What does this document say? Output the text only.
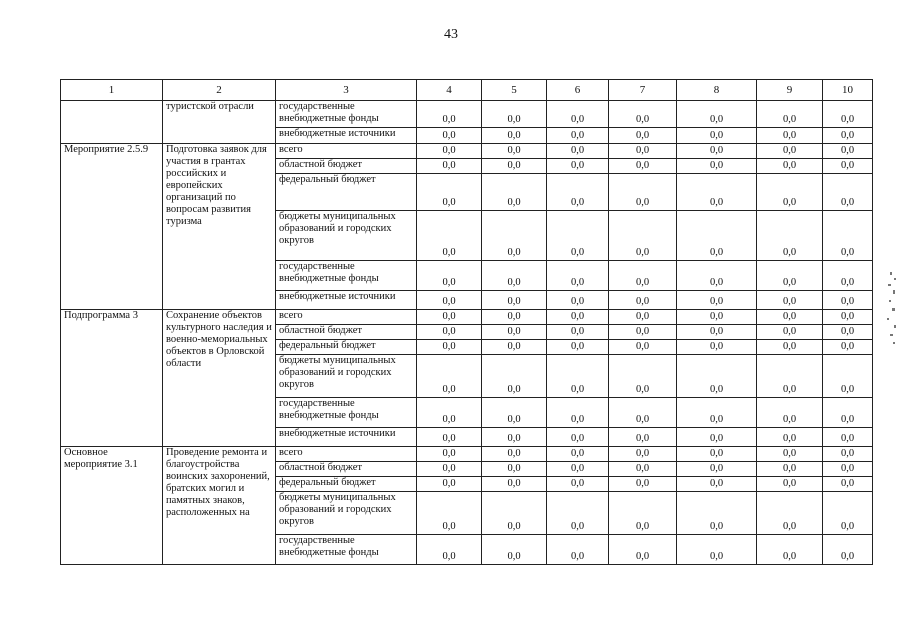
43
1	2	3	4	5	6	7	8	9	10
	туристской отрасли	государственные внебюджетные фонды	0,0	0,0	0,0	0,0	0,0	0,0	0,0
		внебюджетные источники	0,0	0,0	0,0	0,0	0,0	0,0	0,0
Мероприятие 2.5.9	Подготовка заявок для участия в грантах российских и европейских организаций по вопросам развития туризма	всего	0,0	0,0	0,0	0,0	0,0	0,0	0,0
		областной бюджет	0,0	0,0	0,0	0,0	0,0	0,0	0,0
		федеральный бюджет	0,0	0,0	0,0	0,0	0,0	0,0	0,0
		бюджеты муниципальных образований и городских округов	0,0	0,0	0,0	0,0	0,0	0,0	0,0
		государственные внебюджетные фонды	0,0	0,0	0,0	0,0	0,0	0,0	0,0
		внебюджетные источники	0,0	0,0	0,0	0,0	0,0	0,0	0,0
Подпрограмма 3	Сохранение объектов культурного наследия и военно-мемориальных объектов в Орловской области	всего	0,0	0,0	0,0	0,0	0,0	0,0	0,0
		областной бюджет	0,0	0,0	0,0	0,0	0,0	0,0	0,0
		федеральный бюджет	0,0	0,0	0,0	0,0	0,0	0,0	0,0
		бюджеты муниципальных образований и городских округов	0,0	0,0	0,0	0,0	0,0	0,0	0,0
		государственные внебюджетные фонды	0,0	0,0	0,0	0,0	0,0	0,0	0,0
		внебюджетные источники	0,0	0,0	0,0	0,0	0,0	0,0	0,0
Основное мероприятие 3.1	Проведение ремонта и благоустройства воинских захоронений, братских могил и памятных знаков, расположенных на	всего	0,0	0,0	0,0	0,0	0,0	0,0	0,0
		областной бюджет	0,0	0,0	0,0	0,0	0,0	0,0	0,0
		федеральный бюджет	0,0	0,0	0,0	0,0	0,0	0,0	0,0
		бюджеты муниципальных образований и городских округов	0,0	0,0	0,0	0,0	0,0	0,0	0,0
		государственные внебюджетные фонды	0,0	0,0	0,0	0,0	0,0	0,0	0,0
